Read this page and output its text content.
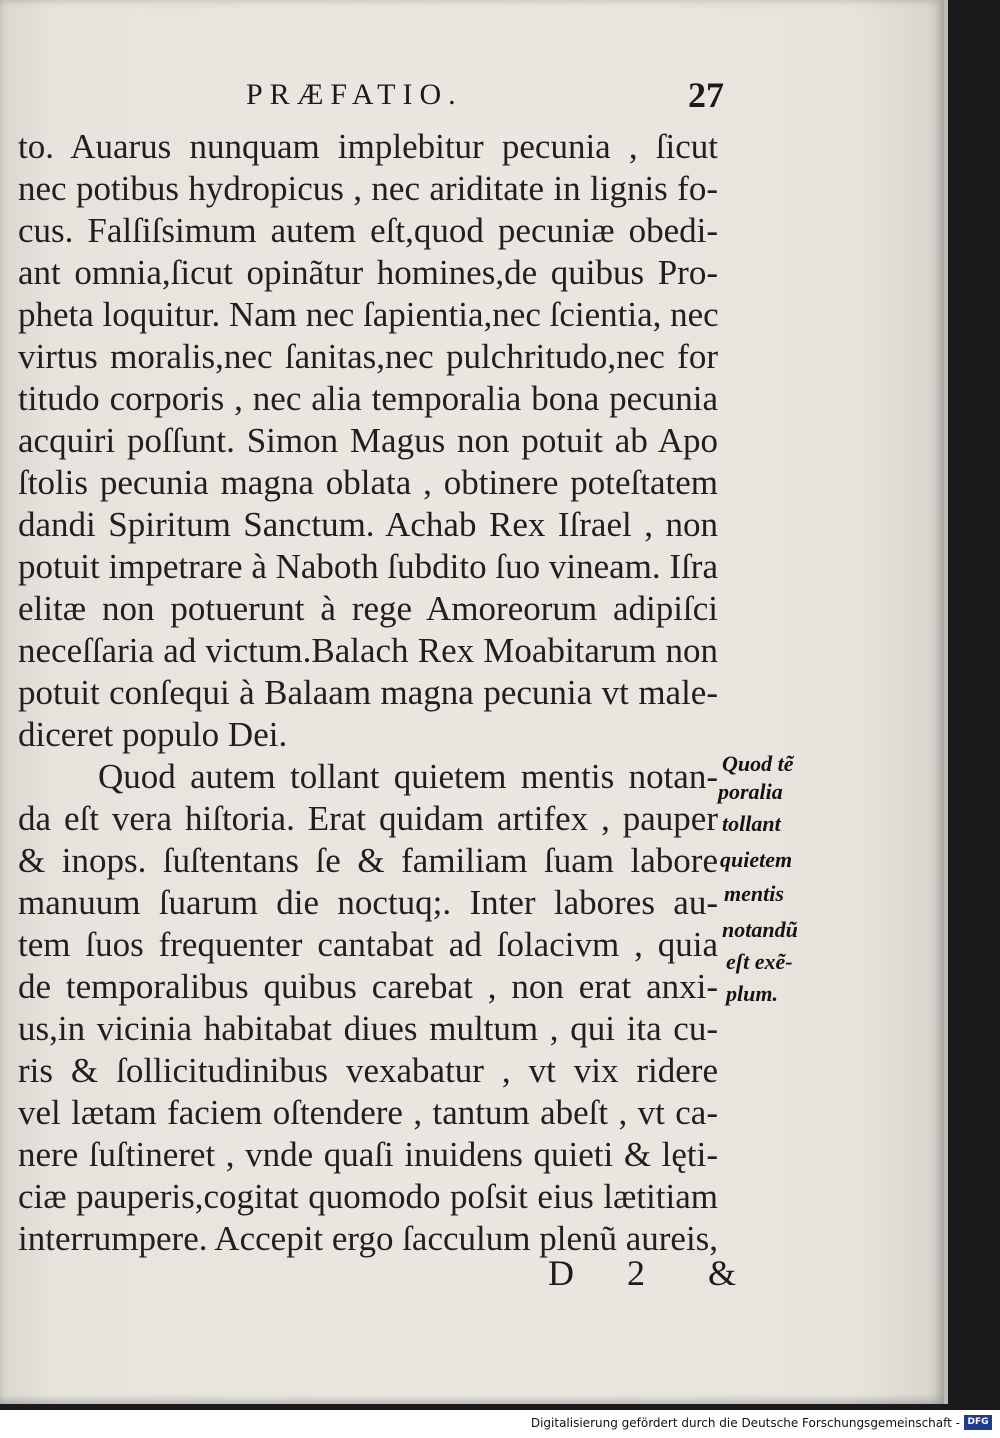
PRÆFATIO.	27
to. Auarus nunquam implebitur pecunia , ſicut
nec potibus hydropicus , nec ariditate in lignis fo-
cus. Falſiſsimum autem eſt,quod pecuniæ obedi-
ant omnia,ſicut opinãtur homines,de quibus Pro-
pheta loquitur. Nam nec ſapientia,nec ſcientia, nec
virtus moralis,nec ſanitas,nec pulchritudo,nec for
titudo corporis , nec alia temporalia bona pecunia
acquiri poſſunt. Simon Magus non potuit ab Apo
ſtolis pecunia magna oblata , obtinere poteſtatem
dandi Spiritum Sanctum. Achab Rex Iſrael , non
potuit impetrare à Naboth ſubdito ſuo vineam. Iſra
elitæ non potuerunt à rege Amoreorum adipiſci
neceſſaria ad victum.Balach Rex Moabitarum non
potuit conſequi à Balaam magna pecunia vt male-
diceret populo Dei.
Quod autem tollant quietem mentis notan-
da eſt vera hiſtoria. Erat quidam artifex , pauper
& inops. ſuſtentans ſe & familiam ſuam labore
manuum ſuarum die noctuq;. Inter labores au-
tem ſuos frequenter cantabat ad ſolacivm , quia
de temporalibus quibus carebat , non erat anxi-
us,in vicinia habitabat diues multum , qui ita cu-
ris & ſollicitudinibus vexabatur , vt vix ridere
vel lætam faciem oſtendere , tantum abeſt , vt ca-
nere ſuſtineret , vnde quaſi inuidens quieti & lęti-
ciæ pauperis,cogitat quomodo poſsit eius lætitiam
interrumpere. Accepit ergo ſacculum plenũ aureis,
Quod tẽ
poralia
tollant
quietem
mentis
notandũ
eſt exẽ-
plum.
D 2 &
Digitalisierung gefördert durch die Deutsche Forschungsgemeinschaft - DFG
